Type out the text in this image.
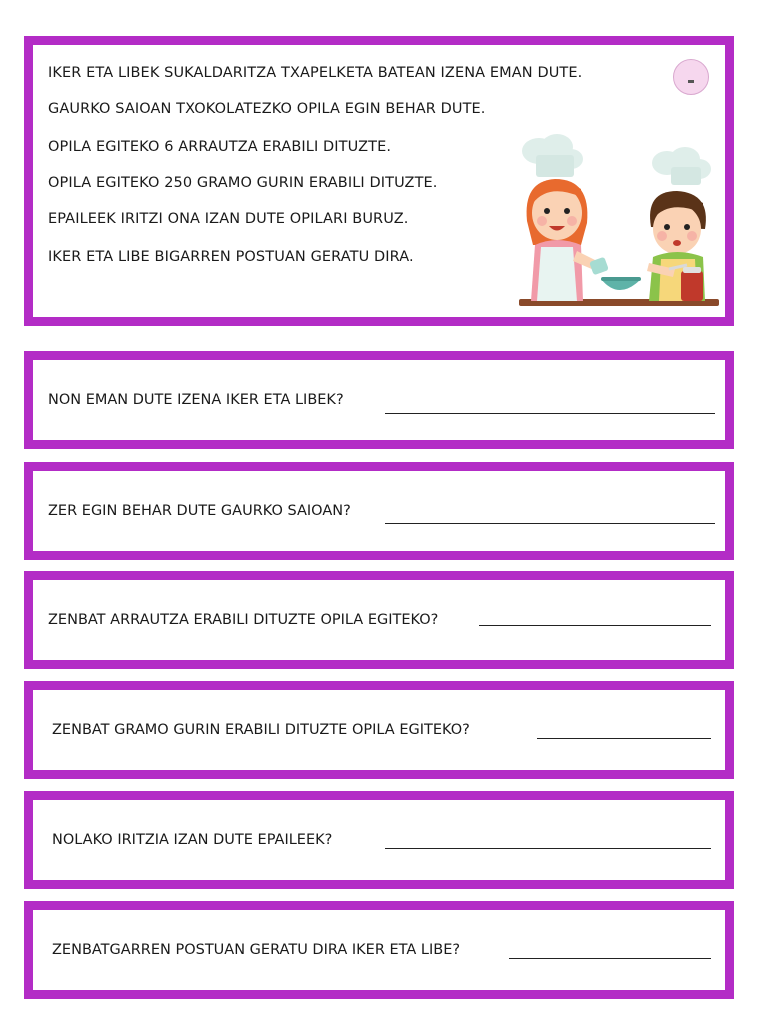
IKER ETA LIBEK SUKALDARITZA TXAPELKETA BATEAN IZENA EMAN DUTE.
GAURKO SAIOAN TXOKOLATEZKO OPILA EGIN BEHAR DUTE.
OPILA EGITEKO 6 ARRAUTZA ERABILI DITUZTE.
OPILA EGITEKO 250 GRAMO GURIN ERABILI DITUZTE.
EPAILEEK IRITZI ONA IZAN DUTE OPILARI BURUZ.
IKER ETA LIBE BIGARREN POSTUAN GERATU DIRA.
NON EMAN DUTE IZENA IKER ETA LIBEK?
ZER EGIN BEHAR DUTE GAURKO SAIOAN?
ZENBAT ARRAUTZA ERABILI DITUZTE OPILA EGITEKO?
ZENBAT GRAMO GURIN ERABILI DITUZTE OPILA EGITEKO?
NOLAKO IRITZIA IZAN DUTE EPAILEEK?
ZENBATGARREN POSTUAN GERATU DIRA IKER ETA LIBE?
